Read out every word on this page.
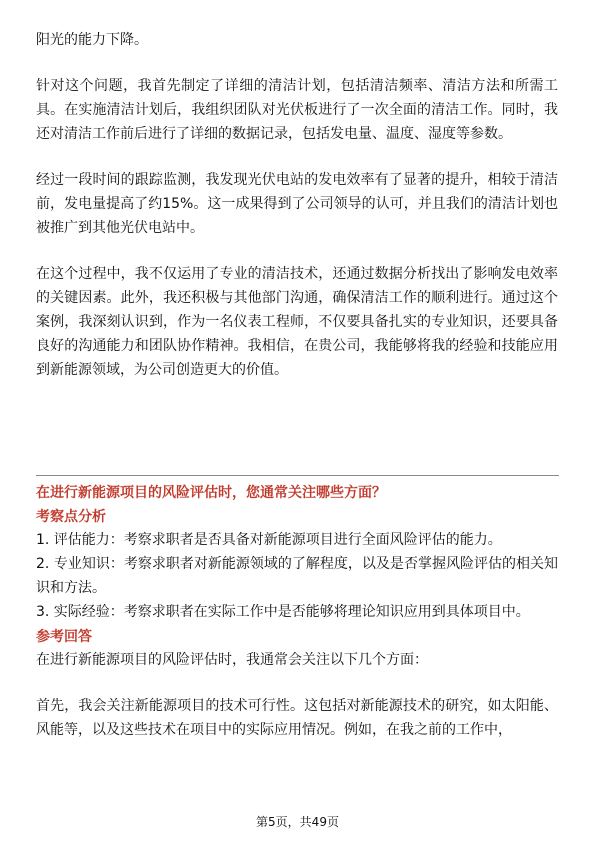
阳光的能力下降。

针对这个问题，我首先制定了详细的清洁计划，包括清洁频率、清洁方法和所需工具。在实施清洁计划后，我组织团队对光伏板进行了一次全面的清洁工作。同时，我还对清洁工作前后进行了详细的数据记录，包括发电量、温度、湿度等参数。

经过一段时间的跟踪监测，我发现光伏电站的发电效率有了显著的提升，相较于清洁前，发电量提高了约15%。这一成果得到了公司领导的认可，并且我们的清洁计划也被推广到其他光伏电站中。

在这个过程中，我不仅运用了专业的清洁技术，还通过数据分析找出了影响发电效率的关键因素。此外，我还积极与其他部门沟通，确保清洁工作的顺利进行。通过这个案例，我深刻认识到，作为一名仪表工程师，不仅要具备扎实的专业知识，还要具备良好的沟通能力和团队协作精神。我相信，在贵公司，我能够将我的经验和技能应用到新能源领域，为公司创造更大的价值。

在进行新能源项目的风险评估时，您通常关注哪些方面？

考察点分析

1. 评估能力：考察求职者是否具备对新能源项目进行全面风险评估的能力。

2. 专业知识：考察求职者对新能源领域的了解程度，以及是否掌握风险评估的相关知识和方法。

3. 实际经验：考察求职者在实际工作中是否能够将理论知识应用到具体项目中。

参考回答

在进行新能源项目的风险评估时，我通常会关注以下几个方面：

首先，我会关注新能源项目的技术可行性。这包括对新能源技术的研究，如太阳能、风能等，以及这些技术在项目中的实际应用情况。例如，在我之前的工作中，

第5页，共49页
